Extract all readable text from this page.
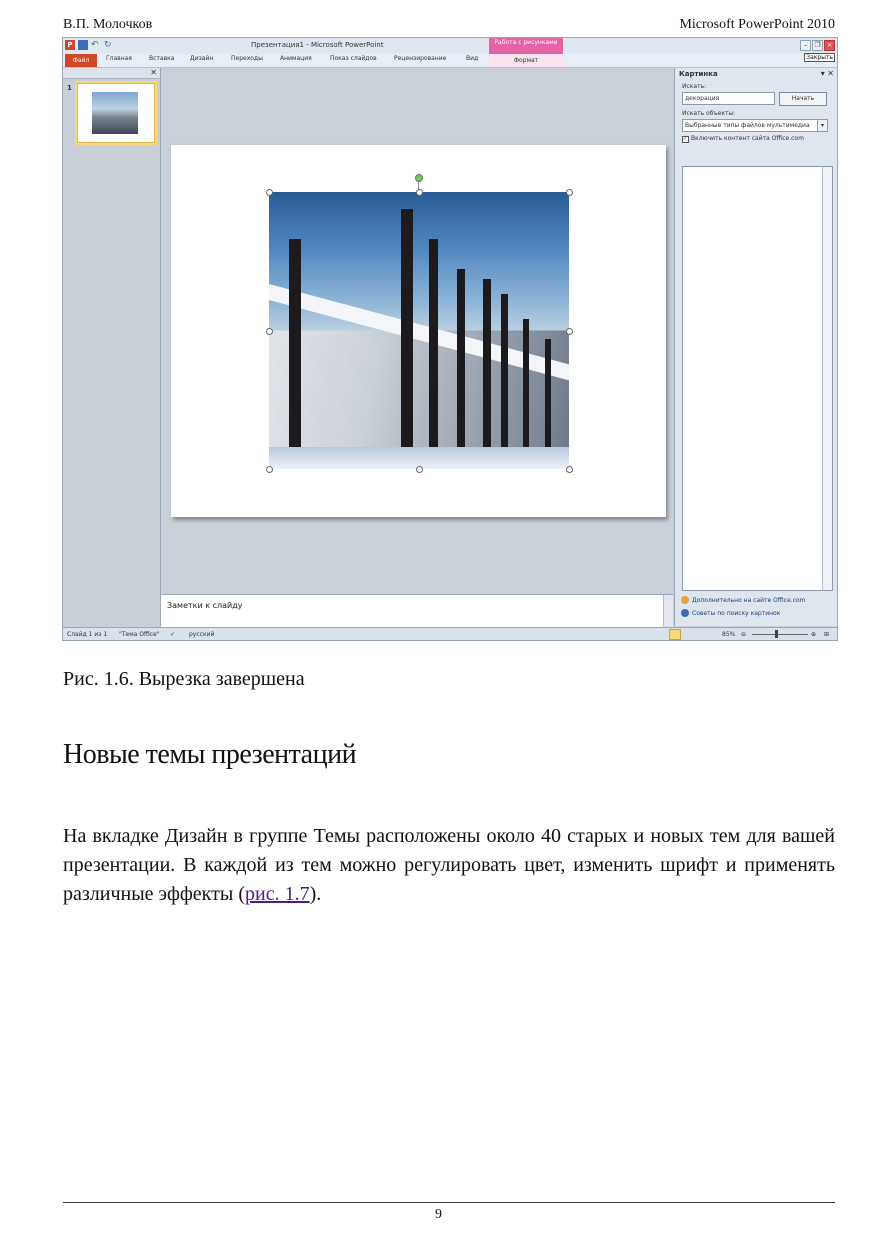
В.П. Молочков	Microsoft PowerPoint 2010
P ↶ ↻	Презентация1 - Microsoft PowerPoint	Работа с рисунками	–	❐ ×
Файл	Главная	Вставка	Дизайн	Переходы	Анимация	Показ слайдов	Рецензирование	Вид	Формат	Закрыть
✕
1
Заметки к слайду
Картинка	▾ ✕
Искать:
декорация	Начать
Искать объекты:
Выбранные типы файлов мультимедиа	▾
✓ Включить контент сайта Office.com
Дополнительно на сайте Office.com
Советы по поиску картинок
Слайд 1 из 1 "Тема Office" ✓ русский	85% ⊖	⊕ ⊞
Рис. 1.6. Вырезка завершена
Новые темы презентаций
На вкладке Дизайн в группе Темы расположены около 40 старых и новых тем для вашей презентации. В каждой из тем можно регулировать цвет, изменить шрифт и применять различные эффекты (рис. 1.7).
9
